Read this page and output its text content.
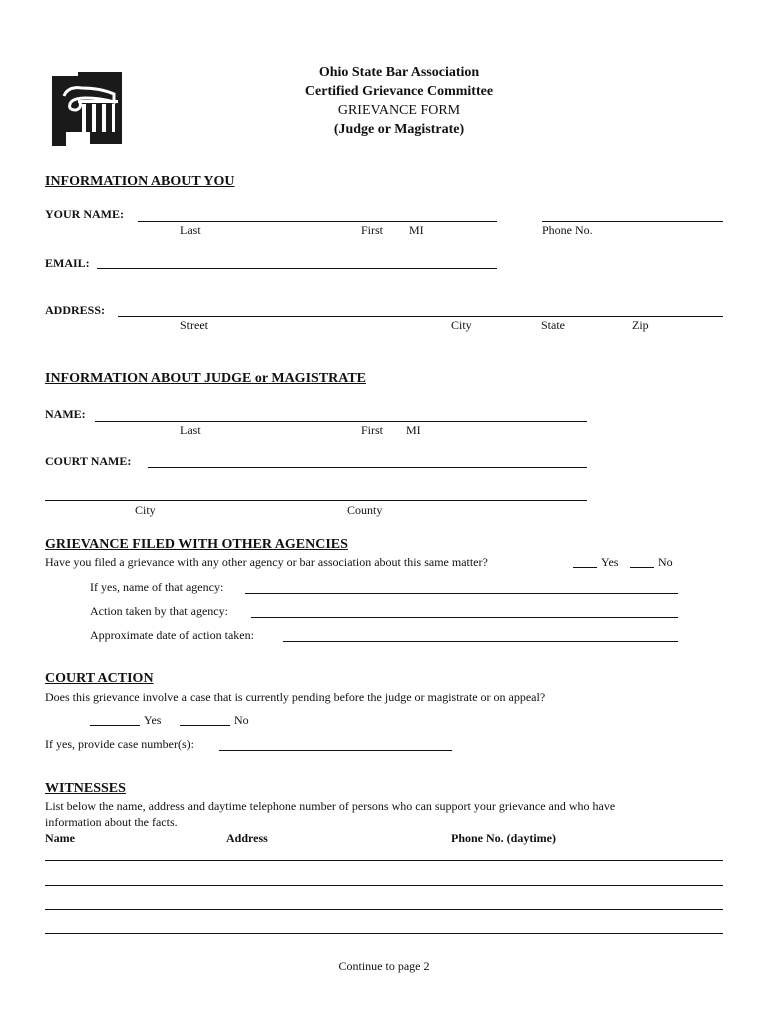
Ohio State Bar Association
Certified Grievance Committee
GRIEVANCE FORM
(Judge or Magistrate)
INFORMATION ABOUT YOU
YOUR NAME:
Last	First MI	Phone No.
EMAIL:
ADDRESS:
Street	City	State	Zip
INFORMATION ABOUT JUDGE or MAGISTRATE
NAME:
Last	First MI
COURT NAME:
City	County
GRIEVANCE FILED WITH OTHER AGENCIES
Have you filed a grievance with any other agency or bar association about this same matter?	Yes	No
If yes, name of that agency:
Action taken by that agency:
Approximate date of action taken:
COURT ACTION
Does this grievance involve a case that is currently pending before the judge or magistrate or on appeal?
Yes	No
If yes, provide case number(s):
WITNESSES
List below the name, address and daytime telephone number of persons who can support your grievance and who have
information about the facts.
Name	Address	Phone No. (daytime)
Continue to page 2
